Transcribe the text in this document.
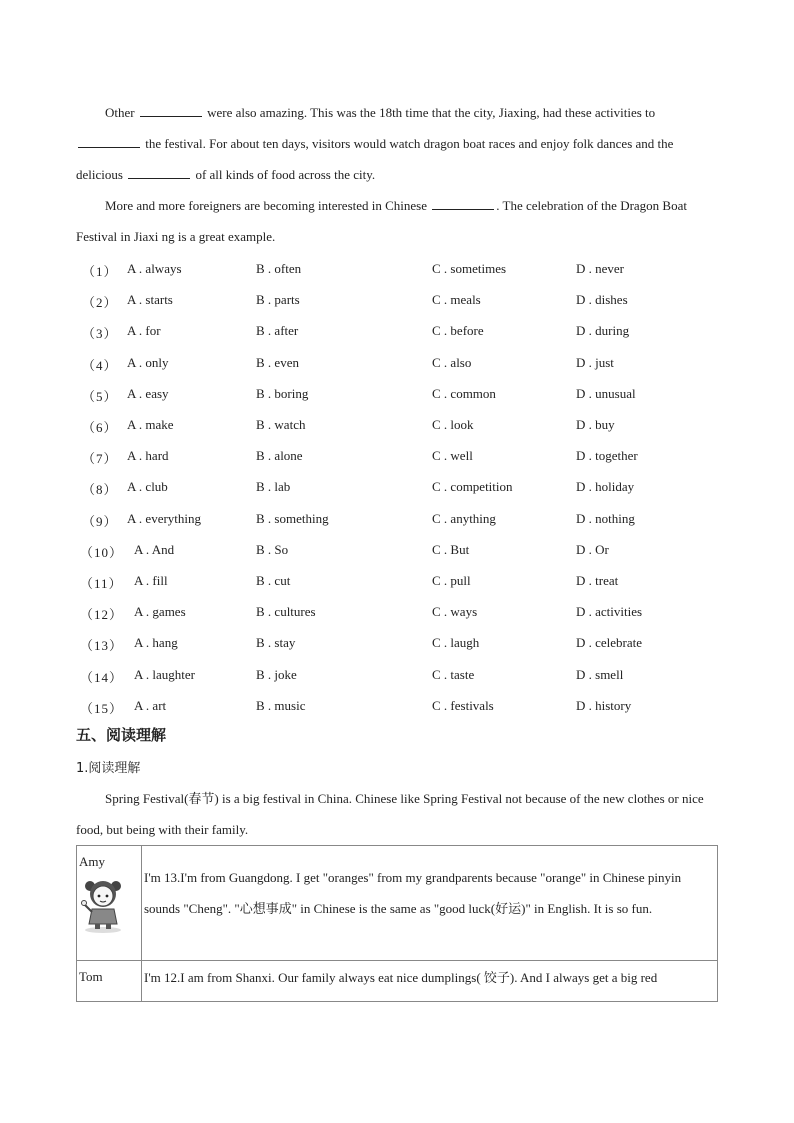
Other	were also amazing. This was the 18th time that the city, Jiaxing, had these activities to  the festival. For about ten days, visitors would watch dragon boat races and enjoy folk dances and the delicious	of all kinds of food across the city.
More and more foreigners are becoming interested in Chinese	. The celebration of the Dragon Boat Festival in Jiaxi ng is a great example.
（1） A . always	B . often	C . sometimes	D . never
（2） A . starts	B . parts	C . meals	D . dishes
（3） A . for	B . after	C . before	D . during
（4） A . only	B . even	C . also	D . just
（5） A . easy	B . boring	C . common	D . unusual
（6） A . make	B . watch	C . look	D . buy
（7） A . hard	B . alone	C . well	D . together
（8） A . club	B . lab	C . competition	D . holiday
（9） A . everything	B . something	C . anything	D . nothing
（10） A . And	B . So	C . But	D . Or
（11） A . fill	B . cut	C . pull	D . treat
（12） A . games	B . cultures	C . ways	D . activities
（13） A . hang	B . stay	C . laugh	D . celebrate
（14） A . laughter	B . joke	C . taste	D . smell
（15） A . art	B . music	C . festivals	D . history
五、阅读理解
1.阅读理解
Spring Festival(春节) is a big festival in China. Chinese like Spring Festival not because of the new clothes or nice food, but being with their family.
Amy	I'm 13.I'm from Guangdong. I get "oranges" from my grandparents because "orange" in Chinese pinyin sounds "Cheng". "心想事成" in Chinese is the same as "good luck(好运)" in English. It is so fun.
Tom	I'm 12.I am from Shanxi. Our family always eat nice dumplings( 饺子). And I always get a big red
